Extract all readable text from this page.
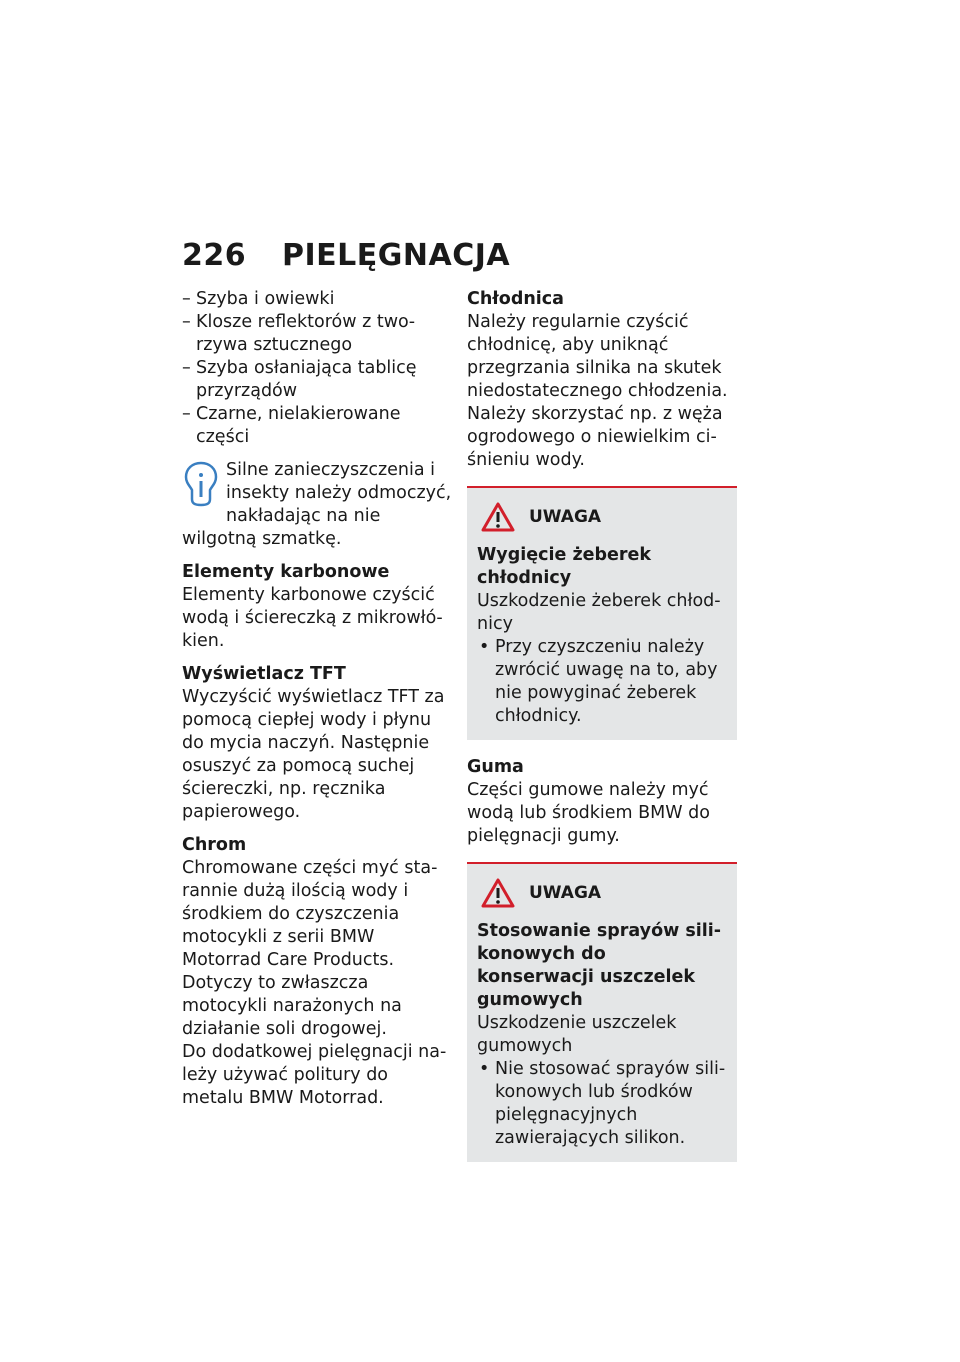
226 PIELĘGNACJA
– Szyba i owiewki
– Klosze reflektorów z tworzywa sztucznego
– Szyba osłaniająca tablicę przyrządów
– Czarne, nielakierowane części

Silne zanieczyszczenia i insekty należy odmoczyć, nakładając na nie wilgotną szmatkę.

Elementy karbonowe

Elementy karbonowe czyścić wodą i ściereczką z mikrowłókien.

Wyświetlacz TFT

Wyczyścić wyświetlacz TFT za pomocą ciepłej wody i płynu do mycia naczyń. Następnie osuszyć za pomocą suchej ściereczki, np. ręcznika papierowego.

Chrom

Chromowane części myć starannie dużą ilością wody i środkiem do czyszczenia motocykli z serii BMW Motorrad Care Products. Dotyczy to zwłaszcza motocykli narażonych na działanie soli drogowej.

Do dodatkowej pielęgnacji należy używać politury do metalu BMW Motorrad.

Chłodnica

Należy regularnie czyścić chłodnicę, aby uniknąć przegrzania silnika na skutek niedostatecznego chłodzenia.

Należy skorzystać np. z węża ogrodowego o niewielkim ciśnieniu wody.

UWAGA

Wygięcie żeberek chłodnicy

Uszkodzenie żeberek chłodnicy

• Przy czyszczeniu należy zwrócić uwagę na to, aby nie powyginać żeberek chłodnicy.

Guma

Części gumowe należy myć wodą lub środkiem BMW do pielęgnacji gumy.

UWAGA

Stosowanie sprayów silikonowych do konserwacji uszczelek gumowych

Uszkodzenie uszczelek gumowych

• Nie stosować sprayów silikonowych lub środków pielęgnacyjnych zawierających silikon.
